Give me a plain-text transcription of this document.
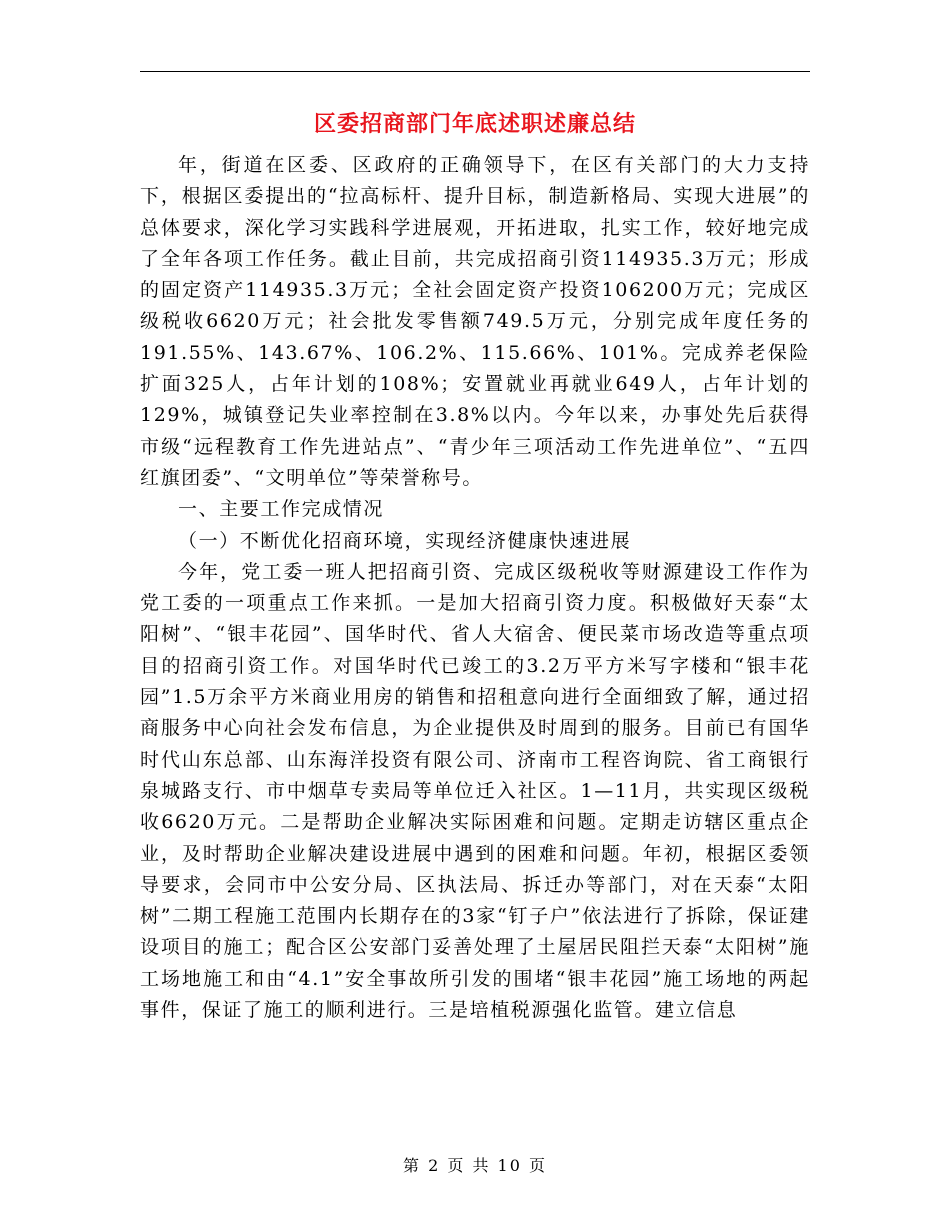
区委招商部门年底述职述廉总结

年，街道在区委、区政府的正确领导下，在区有关部门的大力支持下，根据区委提出的“拉高标杆、提升目标，制造新格局、实现大进展”的总体要求，深化学习实践科学进展观，开拓进取，扎实工作，较好地完成了全年各项工作任务。截止目前，共完成招商引资114935.3万元；形成的固定资产114935.3万元；全社会固定资产投资106200万元；完成区级税收6620万元；社会批发零售额749.5万元，分别完成年度任务的191.55%、143.67%、106.2%、115.66%、101%。完成养老保险扩面325人，占年计划的108%；安置就业再就业649人，占年计划的129%，城镇登记失业率控制在3.8%以内。今年以来，办事处先后获得市级“远程教育工作先进站点”、“青少年三项活动工作先进单位”、“五四红旗团委”、“文明单位”等荣誉称号。

一、主要工作完成情况

（一）不断优化招商环境，实现经济健康快速进展

今年，党工委一班人把招商引资、完成区级税收等财源建设工作作为党工委的一项重点工作来抓。一是加大招商引资力度。积极做好天泰“太阳树”、“银丰花园”、国华时代、省人大宿舍、便民菜市场改造等重点项目的招商引资工作。对国华时代已竣工的3.2万平方米写字楼和“银丰花园”1.5万余平方米商业用房的销售和招租意向进行全面细致了解，通过招商服务中心向社会发布信息，为企业提供及时周到的服务。目前已有国华时代山东总部、山东海洋投资有限公司、济南市工程咨询院、省工商银行泉城路支行、市中烟草专卖局等单位迁入社区。1—11月，共实现区级税收6620万元。二是帮助企业解决实际困难和问题。定期走访辖区重点企业，及时帮助企业解决建设进展中遇到的困难和问题。年初，根据区委领导要求，会同市中公安分局、区执法局、拆迁办等部门，对在天泰“太阳树”二期工程施工范围内长期存在的3家“钉子户”依法进行了拆除，保证建设项目的施工；配合区公安部门妥善处理了土屋居民阻拦天泰“太阳树”施工场地施工和由“4.1”安全事故所引发的围堵“银丰花园”施工场地的两起事件，保证了施工的顺利进行。三是培植税源强化监管。建立信息

第 2 页 共 10 页
